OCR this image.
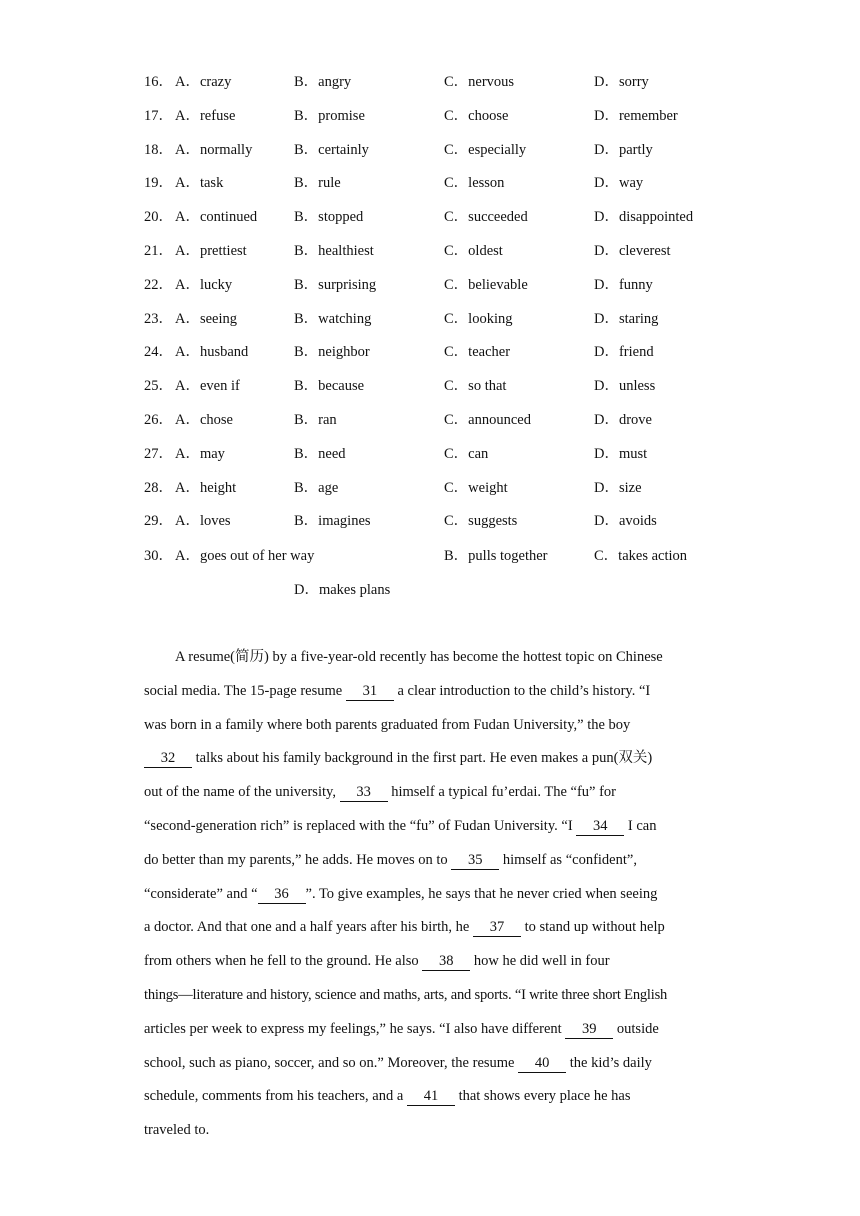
16． A．crazy	B．angry	C．nervous	D．sorry
17． A．refuse	B．promise	C．choose	D．remember
18． A．normally	B．certainly	C．especially	D．partly
19． A．task	B．rule	C．lesson	D．way
20． A．continued	B．stopped	C．succeeded	D．disappointed
21． A．prettiest	B．healthiest	C．oldest	D．cleverest
22． A．lucky	B．surprising	C．believable	D．funny
23． A．seeing	B．watching	C．looking	D．staring
24． A．husband	B．neighbor	C．teacher	D．friend
25． A．even if	B．because	C．so that	D．unless
26． A．chose	B．ran	C．announced	D．drove
27． A．may	B．need	C．can	D．must
28． A．height	B．age	C．weight	D．size
29． A．loves	B．imagines	C．suggests	D．avoids
30． A．goes out of her way	B．pulls together	C．takes action
D．makes plans
A resume(简历) by a five-year-old recently has become the hottest topic on Chinese
social media. The 15-page resume 31 a clear introduction to the child’s history. “I
was born in a family where both parents graduated from Fudan University,” the boy
32 talks about his family background in the first part. He even makes a pun(双关)
out of the name of the university, 33 himself a typical fu’erdai. The “fu” for
“second-generation rich” is replaced with the “fu” of Fudan University. “I 34 I can
do better than my parents,” he adds. He moves on to 35 himself as “confident”,
“considerate” and “ 36 ”. To give examples, he says that he never cried when seeing
a doctor. And that one and a half years after his birth, he 37 to stand up without help
from others when he fell to the ground. He also 38 how he did well in four
things—literature and history, science and maths, arts, and sports. “I write three short English
articles per week to express my feelings,” he says. “I also have different 39 outside
school, such as piano, soccer, and so on.” Moreover, the resume 40 the kid’s daily
schedule, comments from his teachers, and a 41 that shows every place he has
traveled to.
